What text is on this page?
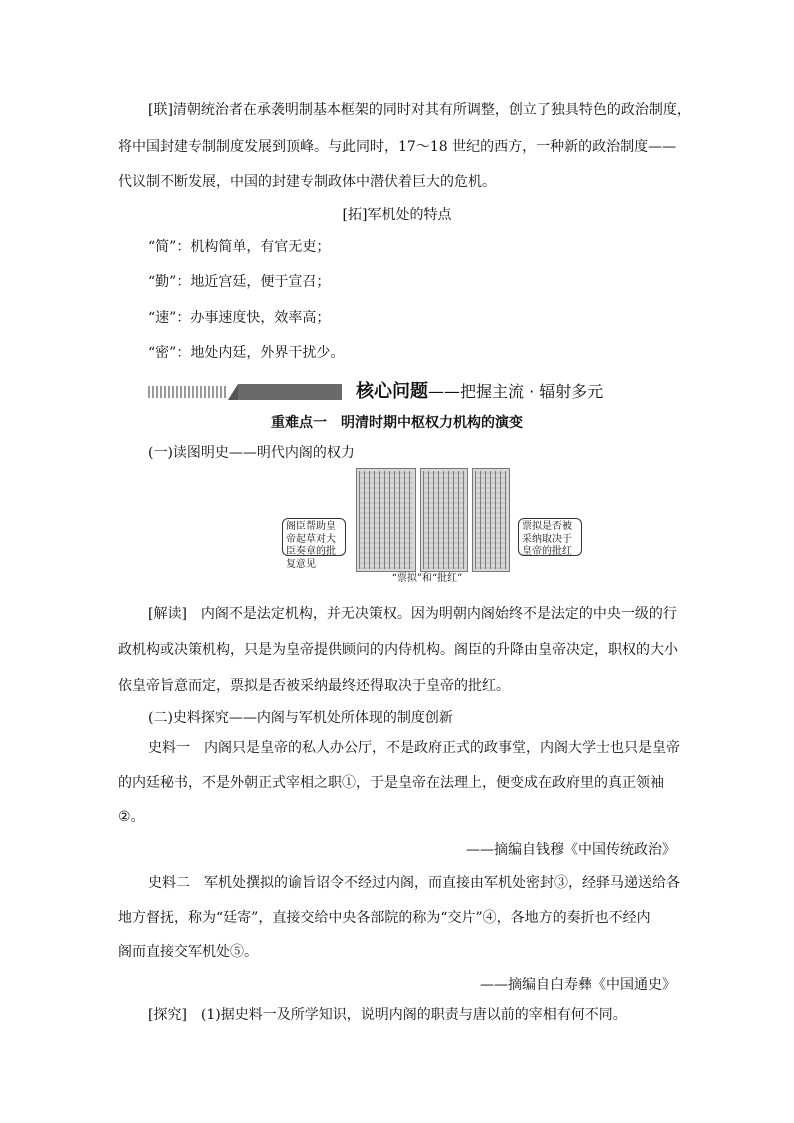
[联]清朝统治者在承袭明制基本框架的同时对其有所调整，创立了独具特色的政治制度，
将中国封建专制制度发展到顶峰。与此同时，17～18 世纪的西方，一种新的政治制度——
代议制不断发展，中国的封建专制政体中潜伏着巨大的危机。
[拓]军机处的特点
“简”：机构简单，有官无吏；
“勤”：地近宫廷，便于宣召；
“速”：办事速度快，效率高；
“密”：地处内廷，外界干扰少。
核心问题——把握主流 · 辐射多元
重难点一　明清时期中枢权力机构的演变
(一)读图明史——明代内阁的权力
阁臣帮助皇帝起草对大臣奏章的批复意见
票拟是否被采纳取决于皇帝的批红
“票拟”和“批红”
[解读]　内阁不是法定机构，并无决策权。因为明朝内阁始终不是法定的中央一级的行
政机构或决策机构，只是为皇帝提供顾问的内侍机构。阁臣的升降由皇帝决定，职权的大小
依皇帝旨意而定，票拟是否被采纳最终还得取决于皇帝的批红。
(二)史料探究——内阁与军机处所体现的制度创新
史料一　内阁只是皇帝的私人办公厅，不是政府正式的政事堂，内阁大学士也只是皇帝
的内廷秘书，不是外朝正式宰相之职①，于是皇帝在法理上，便变成在政府里的真正领袖
②。
——摘编自钱穆《中国传统政治》
史料二　军机处撰拟的谕旨诏令不经过内阁，而直接由军机处密封③，经驿马递送给各
地方督抚，称为“廷寄”，直接交给中央各部院的称为“交片”④，各地方的奏折也不经内
阁而直接交军机处⑤。
——摘编自白寿彝《中国通史》
[探究]　(1)据史料一及所学知识，说明内阁的职责与唐以前的宰相有何不同。
